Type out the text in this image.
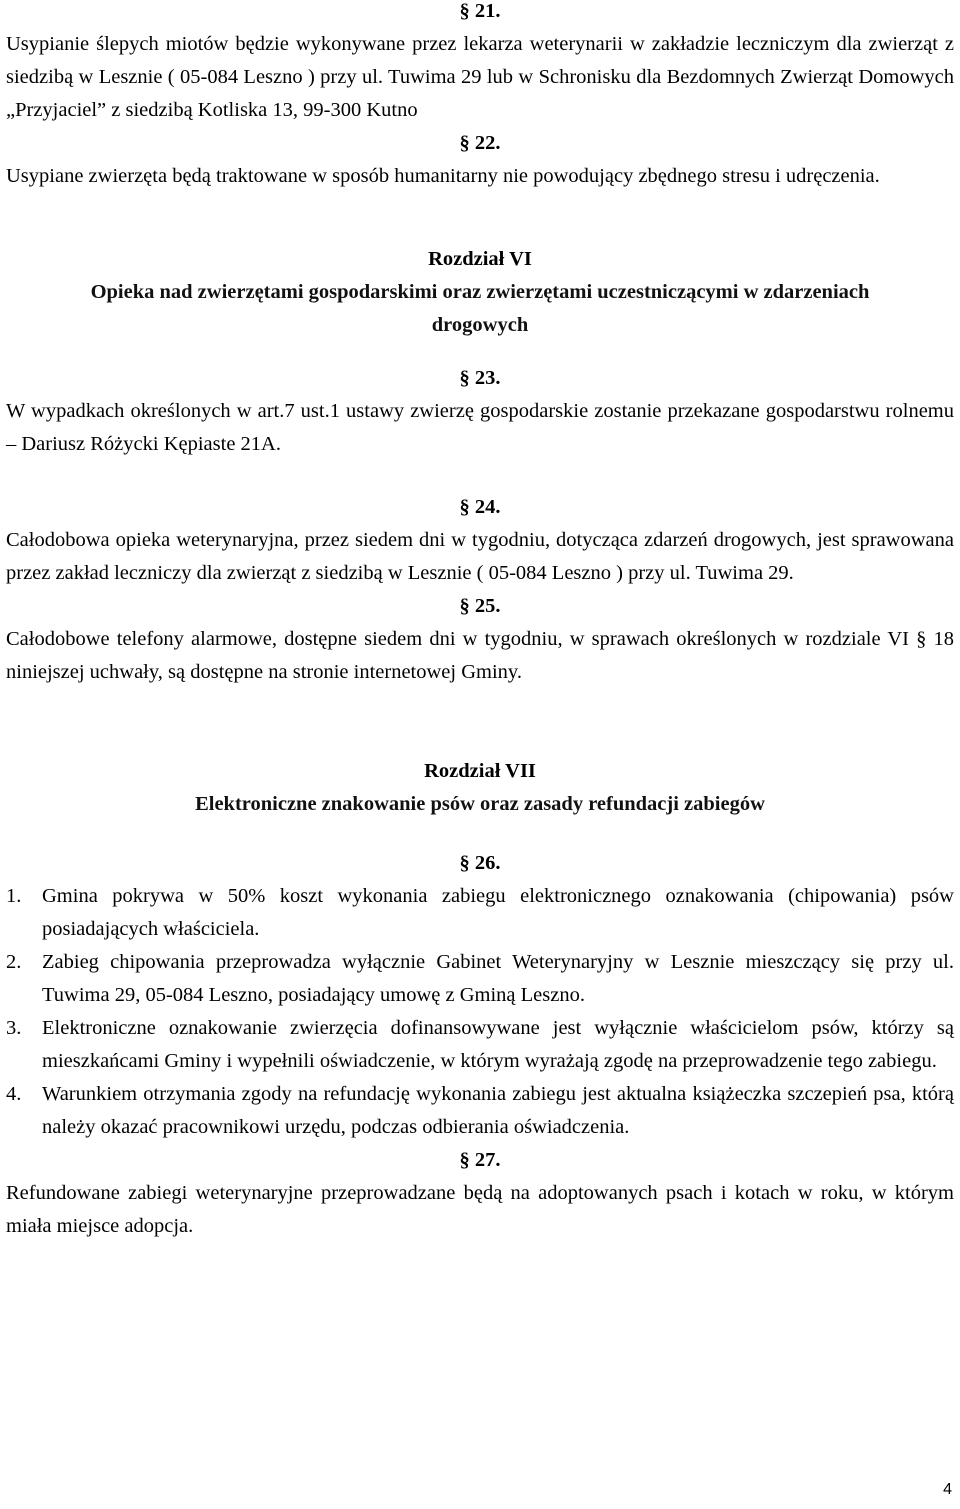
§ 21.

Usypianie ślepych miotów będzie wykonywane przez lekarza weterynarii w zakładzie leczniczym dla zwierząt z siedzibą w Lesznie ( 05-084 Leszno ) przy ul. Tuwima 29 lub w Schronisku dla Bezdomnych Zwierząt Domowych „Przyjaciel” z siedzibą Kotliska 13, 99-300 Kutno

§ 22.

Usypiane zwierzęta będą traktowane w sposób humanitarny nie powodujący zbędnego stresu i udręczenia.

Rozdział VI

Opieka nad zwierzętami gospodarskimi oraz zwierzętami uczestniczącymi w zdarzeniach drogowych

§ 23.

W wypadkach określonych w art.7 ust.1 ustawy zwierzę gospodarskie zostanie przekazane gospodarstwu rolnemu – Dariusz Różycki Kępiaste 21A.

§ 24.

Całodobowa opieka weterynaryjna, przez siedem dni w tygodniu, dotycząca zdarzeń drogowych, jest sprawowana przez zakład leczniczy dla zwierząt z siedzibą w Lesznie ( 05-084 Leszno ) przy ul. Tuwima 29.

§ 25.

Całodobowe telefony alarmowe, dostępne siedem dni w tygodniu, w sprawach określonych w rozdziale VI § 18 niniejszej uchwały, są dostępne na stronie internetowej Gminy.

Rozdział VII

Elektroniczne znakowanie psów oraz zasady refundacji zabiegów

§ 26.

1. Gmina pokrywa w 50% koszt wykonania zabiegu elektronicznego oznakowania (chipowania) psów posiadających właściciela.
2. Zabieg chipowania przeprowadza wyłącznie Gabinet Weterynaryjny w Lesznie mieszczący się przy ul. Tuwima 29, 05-084 Leszno, posiadający umowę z Gminą Leszno.
3. Elektroniczne oznakowanie zwierzęcia dofinansowywane jest wyłącznie właścicielom psów, którzy są mieszkańcami Gminy i wypełnili oświadczenie, w którym wyrażają zgodę na przeprowadzenie tego zabiegu.
4. Warunkiem otrzymania zgody na refundację wykonania zabiegu jest aktualna książeczka szczepień psa, którą należy okazać pracownikowi urzędu, podczas odbierania oświadczenia.

§ 27.

Refundowane zabiegi weterynaryjne przeprowadzane będą na adoptowanych psach i kotach w roku, w którym miała miejsce adopcja.

4
